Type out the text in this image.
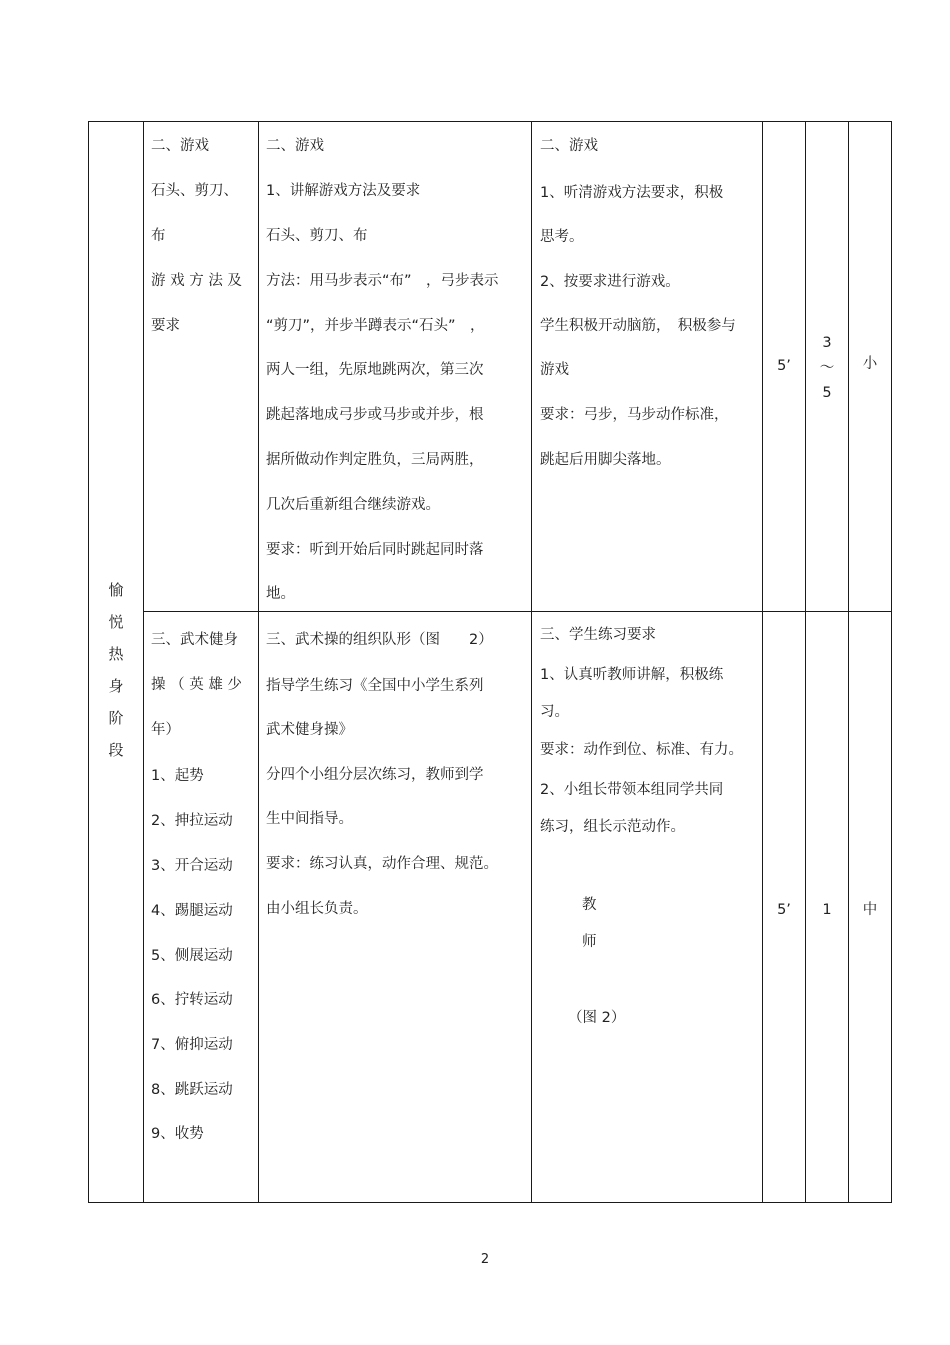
愉
悦
热
身
阶
段
二、游戏
石头、剪刀、
布
游 戏 方 法 及
要求
二、游戏
1、讲解游戏方法及要求
石头、剪刀、布
方法：用马步表示“布”　，弓步表示
“剪刀”，并步半蹲表示“石头”　，
两人一组，先原地跳两次，第三次
跳起落地成弓步或马步或并步，根
据所做动作判定胜负，三局两胜，
几次后重新组合继续游戏。
要求：听到开始后同时跳起同时落
地。
二、游戏
1、听清游戏方法要求，积极
思考。
2、按要求进行游戏。
学生积极开动脑筋，　积极参与
游戏
要求：弓步，马步动作标准，
跳起后用脚尖落地。
5’
3
～
5
小
三、武术健身
操 （ 英 雄 少
年）
1、起势
2、抻拉运动
3、开合运动
4、踢腿运动
5、侧展运动
6、拧转运动
7、俯抑运动
8、跳跃运动
9、收势
三、武术操的组织队形（图　　2）
指导学生练习《全国中小学生系列
武术健身操》
分四个小组分层次练习，教师到学
生中间指导。
要求：练习认真，动作合理、规范。
由小组长负责。
三、学生练习要求
1、认真听教师讲解，积极练
习。
要求：动作到位、标准、有力。
2、小组长带领本组同学共同
练习，组长示范动作。
教
师
（图 2）
5’	1	中
2
